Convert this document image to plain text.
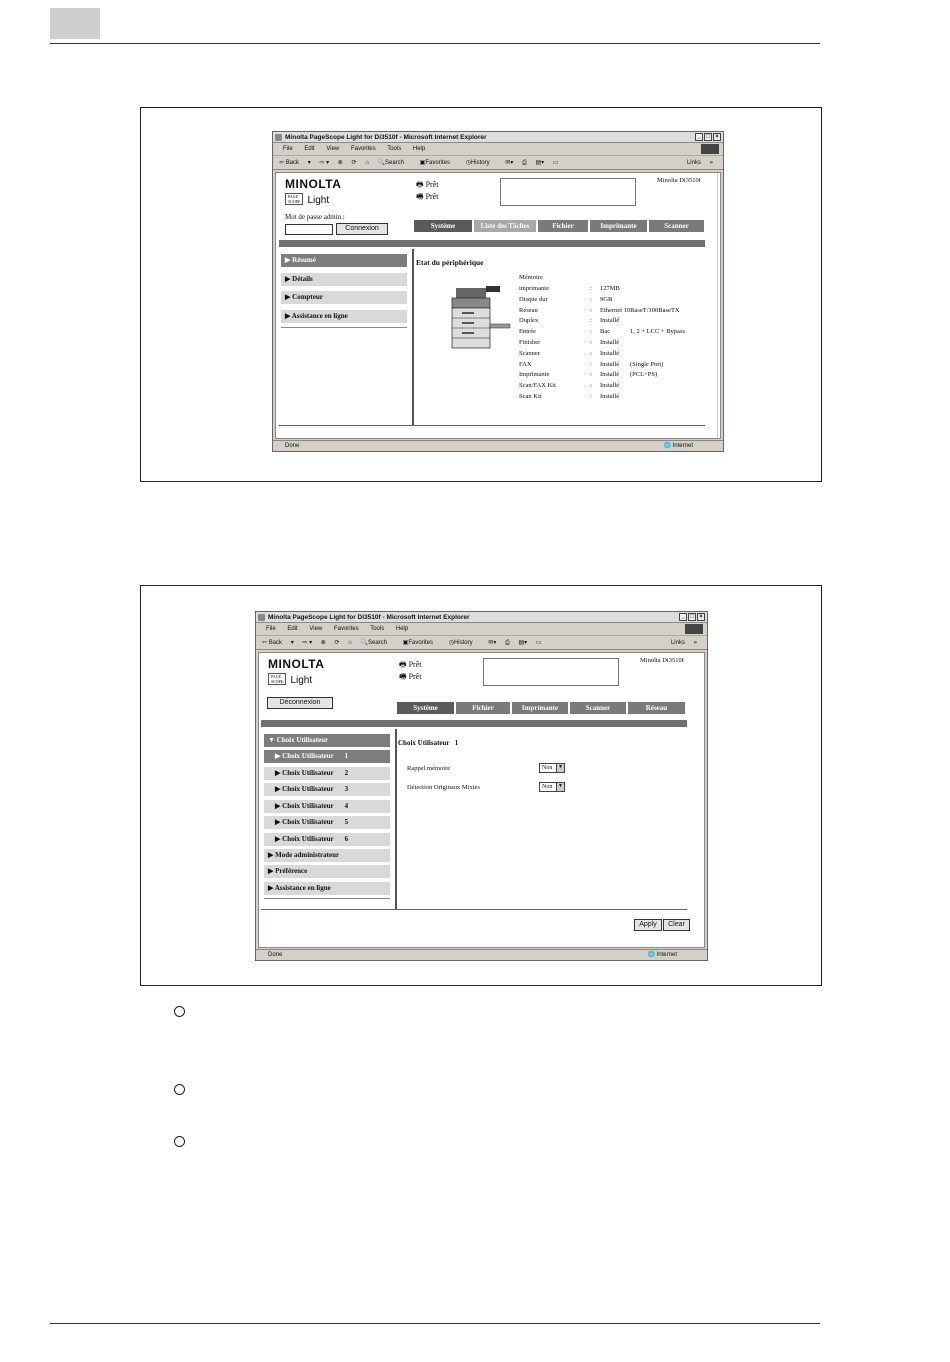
Minolta PageScope Light for Di3510f - Microsoft Internet Explorer	_ □ ×
File Edit View Favorites Tools Help
⇦ Back ▾ ⇨ ▾ ⊗ ⟳ ⌂ 🔍Search	▣Favorites	◷History	✉▾ ⎙ ▤▾ ▭	Links »
MINOLTA
PAGE
SCOPE Light
🖶 Prêt
🖷 Prêt
Minolta Di3510f
Mot de passe admin :
Connexion	Système	Liste des Tâches	Fichier	Imprimante	Scanner
▶ Résumé
▶ Détails
▶ Compteur
▶ Assistance en ligne
Etat du périphérique
Mémoire
imprimante	: 127MB
Disque dur	: 9GB
Réseau	: Ethernet 10BaseT/100BaseTX
Duplex	: Installé
Entrée	: Bac	1, 2 + LCC + Bypass
Finisher	: Installé
Scanner	: Installé
FAX	: Installé (Single Port)
Imprimante	: Installé (PCL+PS)
Scan/FAX Kit	: Installé
Scan Kit	: Installé
Done	🌐 Internet
Minolta PageScope Light for Di3510f - Microsoft Internet Explorer	_ □ ×
File Edit View Favorites Tools Help
⇦ Back ▾ ⇨ ▾ ⊗ ⟳ ⌂ 🔍Search	▣Favorites	◷History	✉▾ ⎙ ▤▾ ▭	Links »
MINOLTA
PAGE
SCOPE Light
🖶 Prêt
🖷 Prêt
Minolta Di3510f
Déconnexion
Système	Fichier	Imprimante	Scanner	Réseau
▼ Choix Utilisateur
▶ Choix Utilisateur 1
▶ Choix Utilisateur 2
▶ Choix Utilisateur 3
▶ Choix Utilisateur 4
▶ Choix Utilisateur 5
▶ Choix Utilisateur 6
▶ Mode administrateur
▶ Préférence
▶ Assistance en ligne
Choix Utilisateur 1
Rappel mémoire	Non	▼
Détection Originaux Mixtes	Non	▼
Apply	Clear
Done	🌐 Internet
